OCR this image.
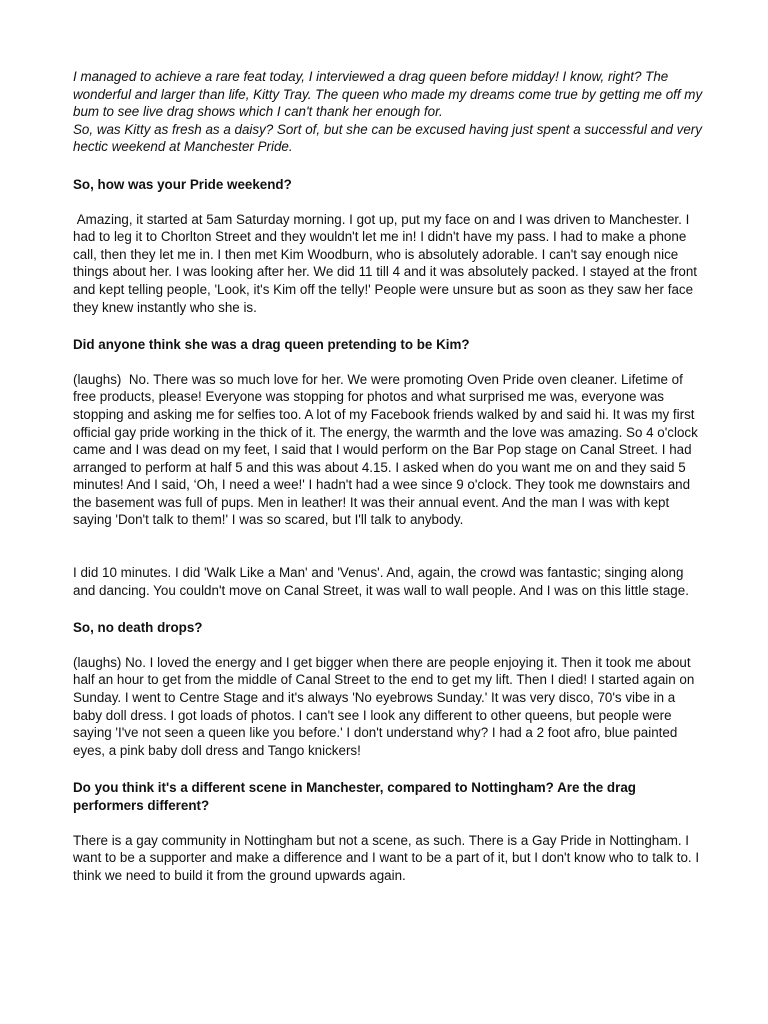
I managed to achieve a rare feat today, I interviewed a drag queen before midday! I know, right? The wonderful and larger than life, Kitty Tray. The queen who made my dreams come true by getting me off my bum to see live drag shows which I can't thank her enough for.

So, was Kitty as fresh as a daisy? Sort of, but she can be excused having just spent a successful and very hectic weekend at Manchester Pride.

So, how was your Pride weekend?

Amazing, it started at 5am Saturday morning. I got up, put my face on and I was driven to Manchester. I had to leg it to Chorlton Street and they wouldn't let me in! I didn't have my pass. I had to make a phone call, then they let me in. I then met Kim Woodburn, who is absolutely adorable. I can't say enough nice things about her. I was looking after her. We did 11 till 4 and it was absolutely packed. I stayed at the front and kept telling people, 'Look, it's Kim off the telly!' People were unsure but as soon as they saw her face they knew instantly who she is.

Did anyone think she was a drag queen pretending to be Kim?

(laughs)  No. There was so much love for her. We were promoting Oven Pride oven cleaner. Lifetime of free products, please! Everyone was stopping for photos and what surprised me was, everyone was stopping and asking me for selfies too. A lot of my Facebook friends walked by and said hi. It was my first official gay pride working in the thick of it. The energy, the warmth and the love was amazing. So 4 o'clock came and I was dead on my feet, I said that I would perform on the Bar Pop stage on Canal Street. I had arranged to perform at half 5 and this was about 4.15. I asked when do you want me on and they said 5 minutes! And I said, ‘Oh, I need a wee!' I hadn't had a wee since 9 o'clock. They took me downstairs and the basement was full of pups. Men in leather! It was their annual event. And the man I was with kept saying 'Don't talk to them!' I was so scared, but I'll talk to anybody.

I did 10 minutes. I did 'Walk Like a Man' and 'Venus'. And, again, the crowd was fantastic; singing along and dancing. You couldn't move on Canal Street, it was wall to wall people. And I was on this little stage.

So, no death drops?

(laughs) No. I loved the energy and I get bigger when there are people enjoying it. Then it took me about half an hour to get from the middle of Canal Street to the end to get my lift. Then I died! I started again on Sunday. I went to Centre Stage and it's always 'No eyebrows Sunday.' It was very disco, 70's vibe in a baby doll dress. I got loads of photos. I can't see I look any different to other queens, but people were saying 'I've not seen a queen like you before.' I don't understand why? I had a 2 foot afro, blue painted eyes, a pink baby doll dress and Tango knickers!

Do you think it's a different scene in Manchester, compared to Nottingham? Are the drag performers different?

There is a gay community in Nottingham but not a scene, as such. There is a Gay Pride in Nottingham. I want to be a supporter and make a difference and I want to be a part of it, but I don't know who to talk to. I think we need to build it from the ground upwards again.
